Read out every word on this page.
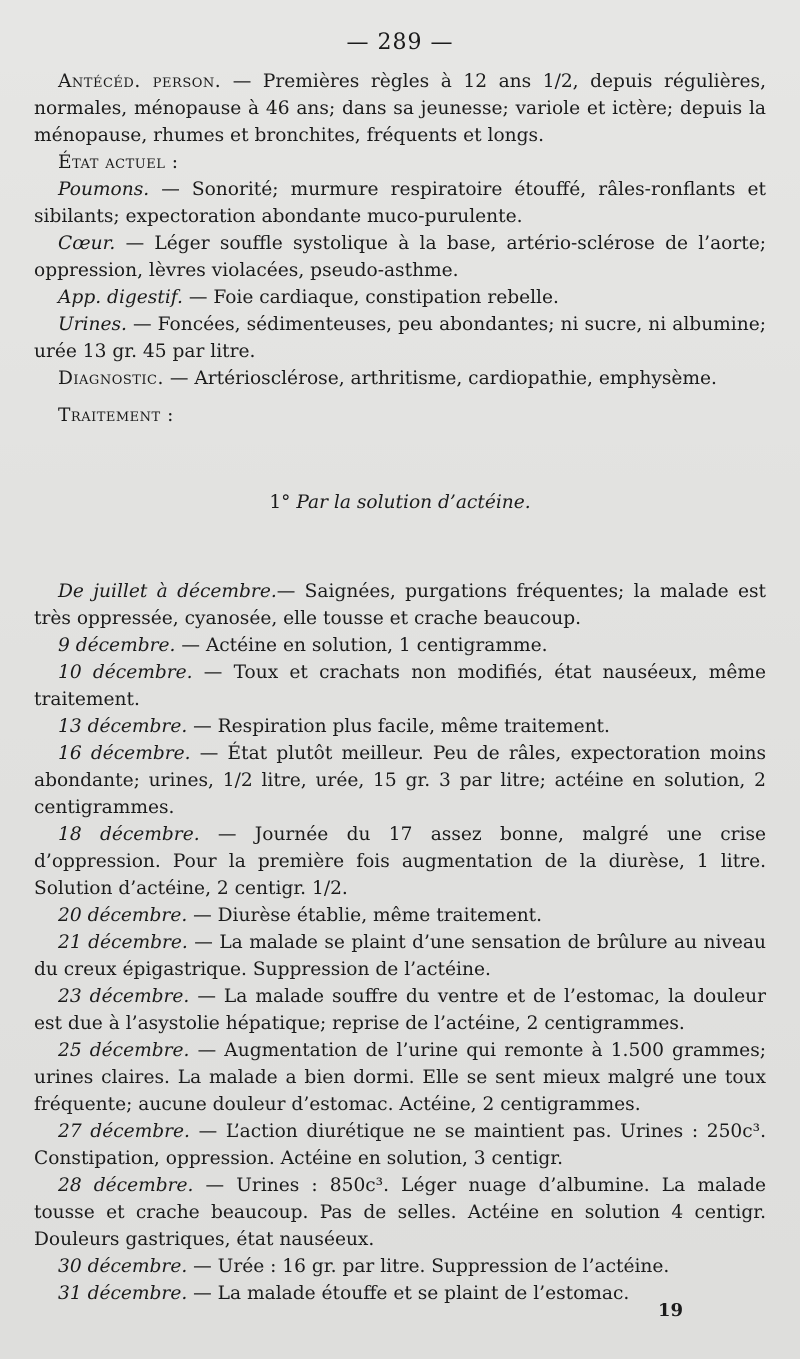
— 289 —

Antécéd. person. — Premières règles à 12 ans 1/2, depuis régulières, normales, ménopause à 46 ans; dans sa jeunesse; variole et ictère; depuis la ménopause, rhumes et bronchites, fréquents et longs.

État actuel :

Poumons. — Sonorité; murmure respiratoire étouffé, râles-ronflants et sibilants; expectoration abondante muco-purulente.

Cœur. — Léger souffle systolique à la base, artério-sclérose de l’aorte; oppression, lèvres violacées, pseudo-asthme.

App. digestif. — Foie cardiaque, constipation rebelle.

Urines. — Foncées, sédimenteuses, peu abondantes; ni sucre, ni albumine; urée 13 gr. 45 par litre.

Diagnostic. — Artériosclérose, arthritisme, cardiopathie, emphysème.

Traitement :

1° Par la solution d’actéine.

De juillet à décembre.— Saignées, purgations fréquentes; la malade est très oppressée, cyanosée, elle tousse et crache beaucoup.

9 décembre. — Actéine en solution, 1 centigramme.

10 décembre. — Toux et crachats non modifiés, état nauséeux, même traitement.

13 décembre. — Respiration plus facile, même traitement.

16 décembre. — État plutôt meilleur. Peu de râles, expectoration moins abondante; urines, 1/2 litre, urée, 15 gr. 3 par litre; actéine en solution, 2 centigrammes.

18 décembre. — Journée du 17 assez bonne, malgré une crise d’oppression. Pour la première fois augmentation de la diurèse, 1 litre. Solution d’actéine, 2 centigr. 1/2.

20 décembre. — Diurèse établie, même traitement.

21 décembre. — La malade se plaint d’une sensation de brûlure au niveau du creux épigastrique. Suppression de l’actéine.

23 décembre. — La malade souffre du ventre et de l’estomac, la douleur est due à l’asystolie hépatique; reprise de l’actéine, 2 centigrammes.

25 décembre. — Augmentation de l’urine qui remonte à 1.500 grammes; urines claires. La malade a bien dormi. Elle se sent mieux malgré une toux fréquente; aucune douleur d’estomac. Actéine, 2 centigrammes.

27 décembre. — L’action diurétique ne se maintient pas. Urines : 250c³. Constipation, oppression. Actéine en solution, 3 centigr.

28 décembre. — Urines : 850c³. Léger nuage d’albumine. La malade tousse et crache beaucoup. Pas de selles. Actéine en solution 4 centigr. Douleurs gastriques, état nauséeux.

30 décembre. — Urée : 16 gr. par litre. Suppression de l’actéine.

31 décembre. — La malade étouffe et se plaint de l’estomac.

19
